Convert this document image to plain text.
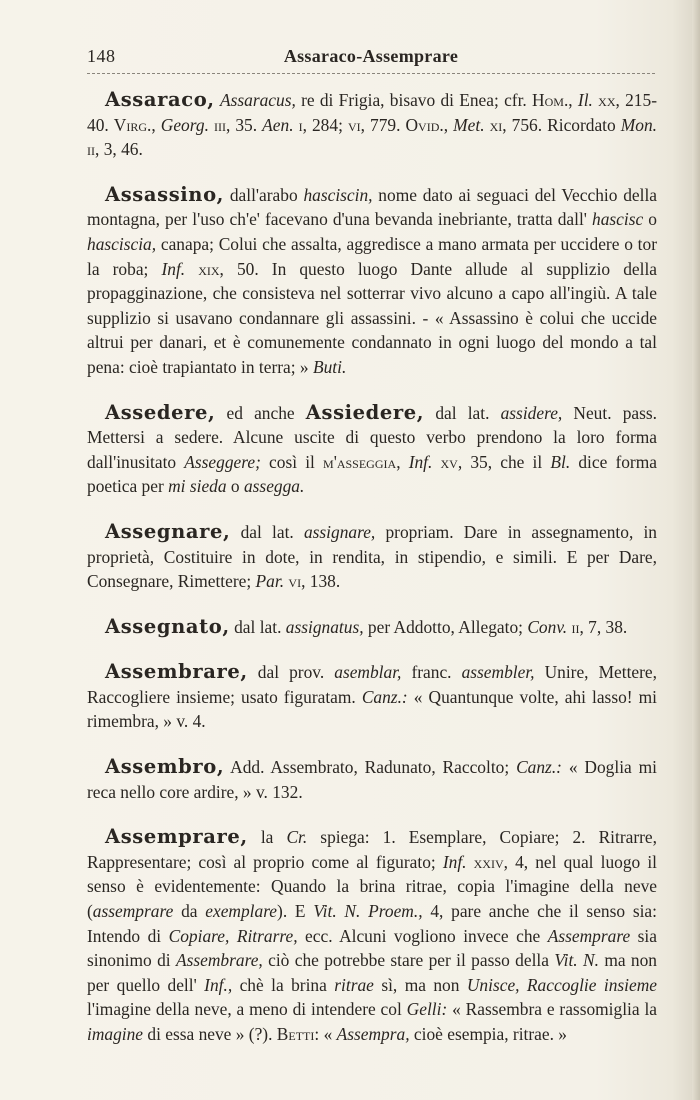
148	Assaraco-Assemprare

Assaraco, Assaracus, re di Frigia, bisavo di Enea; cfr. Hom., Il. xx, 215-40. Virg., Georg. iii, 35. Aen. i, 284; vi, 779. Ovid., Met. xi, 756. Ricordato Mon. ii, 3, 46.

Assassino, dall'arabo hasciscin, nome dato ai seguaci del Vecchio della montagna, per l'uso ch'e' facevano d'una bevanda inebriante, tratta dall' hascisc o hasciscia, canapa; Colui che assalta, aggredisce a mano armata per uccidere o tor la roba; Inf. xix, 50. In questo luogo Dante allude al supplizio della propagginazione, che consisteva nel sotterrar vivo alcuno a capo all'ingiù. A tale supplizio si usavano condannare gli assassini. - « Assassino è colui che uccide altrui per danari, et è comunemente condannato in ogni luogo del mondo a tal pena: cioè trapiantato in terra; » Buti.

Assedere, ed anche Assiedere, dal lat. assidere, Neut. pass. Mettersi a sedere. Alcune uscite di questo verbo prendono la loro forma dall'inusitato Asseggere; così il m'asseggia, Inf. xv, 35, che il Bl. dice forma poetica per mi sieda o assegga.

Assegnare, dal lat. assignare, propriam. Dare in assegnamento, in proprietà, Costituire in dote, in rendita, in stipendio, e simili. E per Dare, Consegnare, Rimettere; Par. vi, 138.

Assegnato, dal lat. assignatus, per Addotto, Allegato; Conv. ii, 7, 38.

Assembrare, dal prov. asemblar, franc. assembler, Unire, Mettere, Raccogliere insieme; usato figuratam. Canz.: « Quantunque volte, ahi lasso! mi rimembra, » v. 4.

Assembro, Add. Assembrato, Radunato, Raccolto; Canz.: « Doglia mi reca nello core ardire, » v. 132.

Assemprare, la Cr. spiega: 1. Esemplare, Copiare; 2. Ritrarre, Rappresentare; così al proprio come al figurato; Inf. xxiv, 4, nel qual luogo il senso è evidentemente: Quando la brina ritrae, copia l'imagine della neve (assemprare da exemplare). E Vit. N. Proem., 4, pare anche che il senso sia: Intendo di Copiare, Ritrarre, ecc. Alcuni vogliono invece che Assemprare sia sinonimo di Assembrare, ciò che potrebbe stare per il passo della Vit. N. ma non per quello dell' Inf., chè la brina ritrae sì, ma non Unisce, Raccoglie insieme l'imagine della neve, a meno di intendere col Gelli: « Rassembra e rassomiglia la imagine di essa neve » (?). Betti: « Assempra, cioè esempia, ritrae. »
